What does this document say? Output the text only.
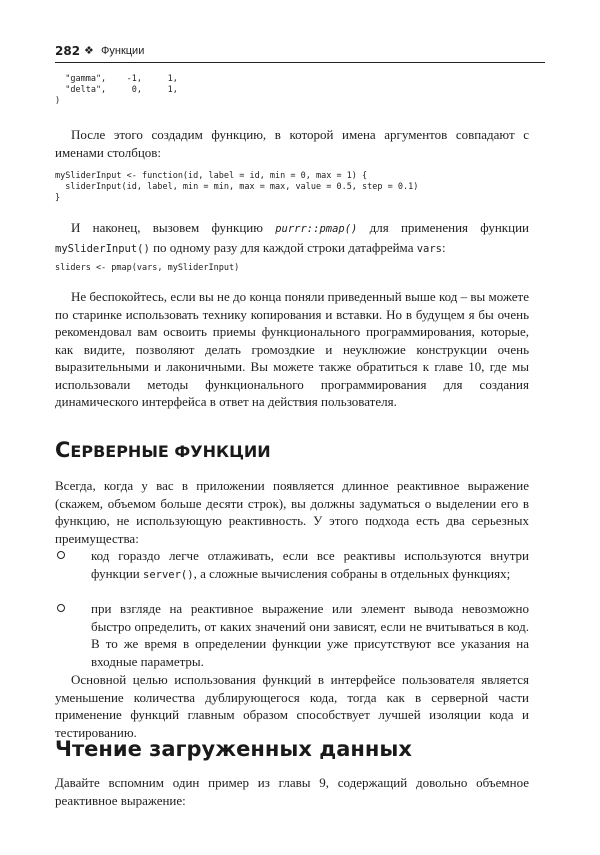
282 ❖ Функции
"gamma",    -1,     1,
"delta",     0,     1,
)

После этого создадим функцию, в которой имена аргументов совпадают с именами столбцов:

mySliderInput <- function(id, label = id, min = 0, max = 1) {
sliderInput(id, label, min = min, max = max, value = 0.5, step = 0.1)
}

И наконец, вызовем функцию purrr::pmap() для применения функции mySliderInput() по одному разу для каждой строки датафрейма vars:

sliders <- pmap(vars, mySliderInput)

Не беспокойтесь, если вы не до конца поняли приведенный выше код – вы можете по старинке использовать технику копирования и вставки. Но в будущем я бы очень рекомендовал вам освоить приемы функционального программирования, которые, как видите, позволяют делать громоздкие и неуклюжие конструкции очень выразительными и лаконичными. Вы можете также обратиться к главе 10, где мы использовали методы функционального программирования для создания динамического интерфейса в ответ на действия пользователя.

СЕРВЕРНЫЕ ФУНКЦИИ

Всегда, когда у вас в приложении появляется длинное реактивное выражение (скажем, объемом больше десяти строк), вы должны задуматься о выделении его в функцию, не использующую реактивность. У этого подхода есть два серьезных преимущества:

код гораздо легче отлаживать, если все реактивы используются внутри функции server(), а сложные вычисления собраны в отдельных функциях;

при взгляде на реактивное выражение или элемент вывода невозможно быстро определить, от каких значений они зависят, если не вчитываться в код. В то же время в определении функции уже присутствуют все указания на входные параметры.

Основной целью использования функций в интерфейсе пользователя является уменьшение количества дублирующегося кода, тогда как в серверной части применение функций главным образом способствует лучшей изоляции кода и тестированию.

Чтение загруженных данных

Давайте вспомним один пример из главы 9, содержащий довольно объемное реактивное выражение:
